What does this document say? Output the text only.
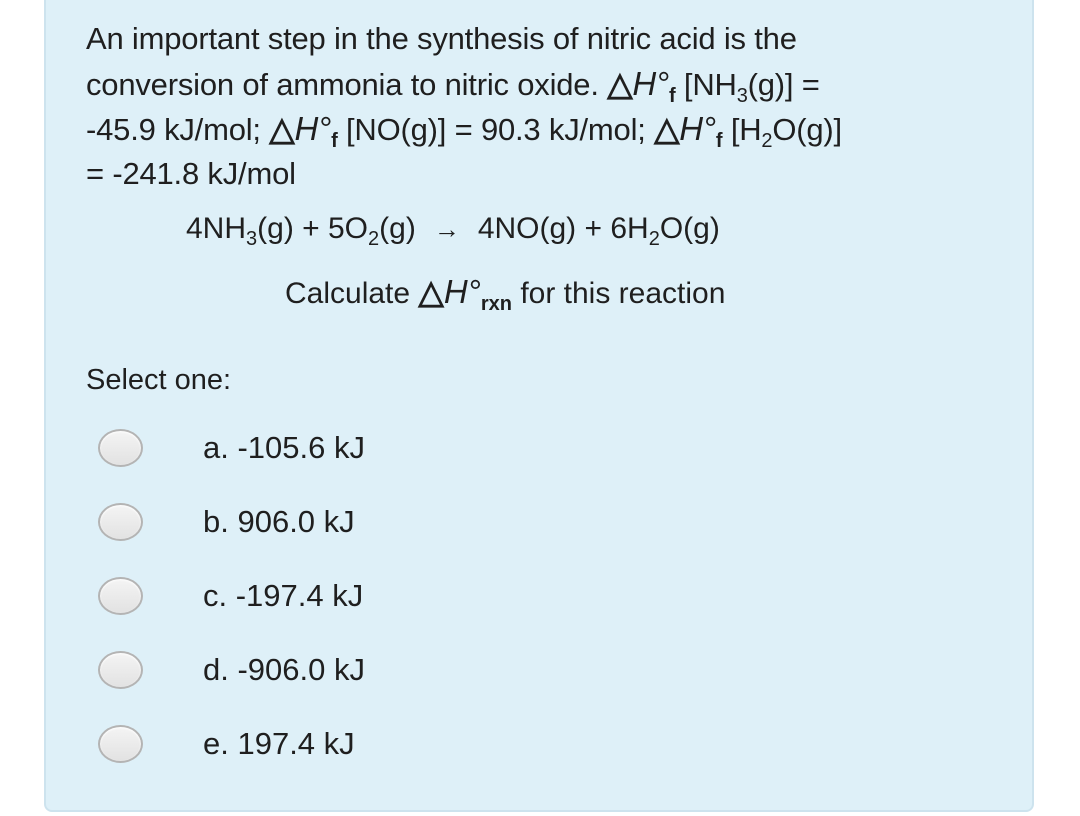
An important step in the synthesis of nitric acid is the
conversion of ammonia to nitric oxide. $\triangle H^\circ_f$ $[NH_3(g)]$ =
-45.9 kJ/mol; $\triangle H^\circ_f$ [NO(g)] = 90.3 kJ/mol; $\triangle H^\circ_f$ $[H_2O(g)]$
= -241.8 kJ/mol
$4NH_3(g) + 5O_2(g) \to 4NO(g) + 6H_2O(g)$
Calculate $\triangle H^\circ_{rxn}$ for this reaction
Select one:
a. -105.6 kJ
b. 906.0 kJ
c. -197.4 kJ
d. -906.0 kJ
e. 197.4 kJ
